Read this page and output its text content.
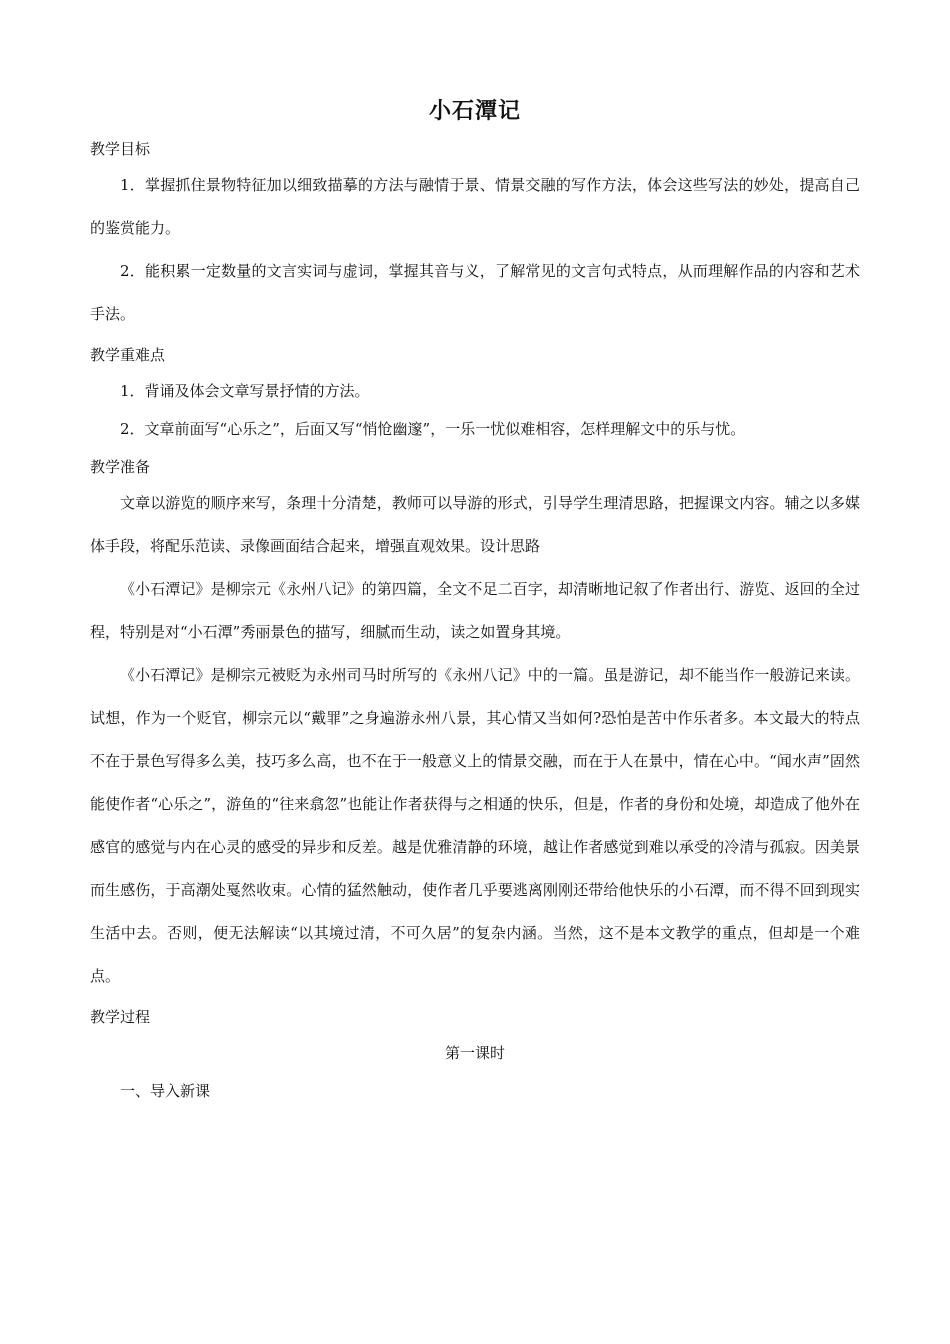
小石潭记
教学目标

1．掌握抓住景物特征加以细致描摹的方法与融情于景、情景交融的写作方法，体会这些写法的妙处，提高自己的鉴赏能力。

2．能积累一定数量的文言实词与虚词，掌握其音与义，了解常见的文言句式特点，从而理解作品的内容和艺术手法。

教学重难点

1．背诵及体会文章写景抒情的方法。

2．文章前面写“心乐之”，后面又写“悄怆幽邃”，一乐一忧似难相容，怎样理解文中的乐与忧。

教学准备

文章以游览的顺序来写，条理十分清楚，教师可以导游的形式，引导学生理清思路，把握课文内容。辅之以多媒体手段，将配乐范读、录像画面结合起来，增强直观效果。设计思路

《小石潭记》是柳宗元《永州八记》的第四篇，全文不足二百字，却清晰地记叙了作者出行、游览、返回的全过程，特别是对“小石潭”秀丽景色的描写，细腻而生动，读之如置身其境。

《小石潭记》是柳宗元被贬为永州司马时所写的《永州八记》中的一篇。虽是游记，却不能当作一般游记来读。试想，作为一个贬官，柳宗元以“戴罪”之身遍游永州八景，其心情又当如何?恐怕是苦中作乐者多。本文最大的特点不在于景色写得多么美，技巧多么高，也不在于一般意义上的情景交融，而在于人在景中，情在心中。“闻水声”固然能使作者“心乐之”，游鱼的“往来翕忽”也能让作者获得与之相通的快乐，但是，作者的身份和处境，却造成了他外在感官的感觉与内在心灵的感受的异步和反差。越是优雅清静的环境，越让作者感觉到难以承受的冷清与孤寂。因美景而生感伤，于高潮处戛然收束。心情的猛然触动，使作者几乎要逃离刚刚还带给他快乐的小石潭，而不得不回到现实生活中去。否则，便无法解读“以其境过清，不可久居”的复杂内涵。当然，这不是本文教学的重点，但却是一个难点。

教学过程
第一课时

一、导入新课
